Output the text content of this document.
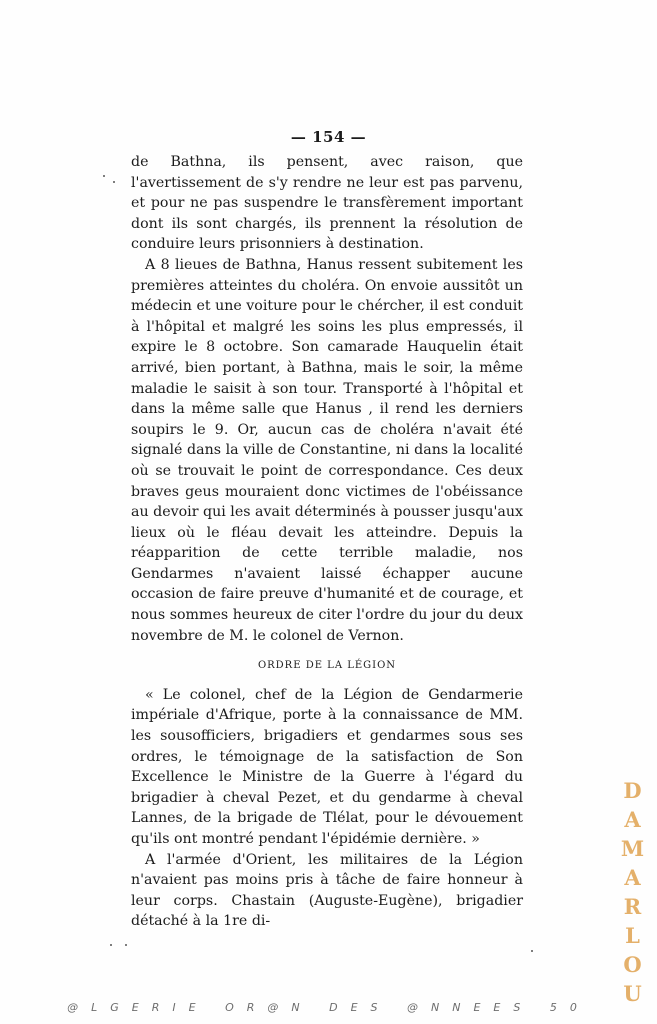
— 154 —

de Bathna, ils pensent, avec raison, que l'avertissement de s'y rendre ne leur est pas parvenu, et pour ne pas suspendre le transfèrement important dont ils sont chargés, ils prennent la résolution de conduire leurs prisonniers à destination.

A 8 lieues de Bathna, Hanus ressent subitement les premières atteintes du choléra. On envoie aussitôt un médecin et une voiture pour le chércher, il est conduit à l'hôpital et malgré les soins les plus empressés, il expire le 8 octobre. Son camarade Hauquelin était arrivé, bien portant, à Bathna, mais le soir, la même maladie le saisit à son tour. Transporté à l'hôpital et dans la même salle que Hanus , il rend les derniers soupirs le 9. Or, aucun cas de choléra n'avait été signalé dans la ville de Constantine, ni dans la localité où se trouvait le point de correspondance. Ces deux braves geus mouraient donc victimes de l'obéissance au devoir qui les avait déterminés à pousser jusqu'aux lieux où le fléau devait les atteindre. Depuis la réapparition de cette terrible maladie, nos Gendarmes n'avaient laissé échapper aucune occasion de faire preuve d'humanité et de courage, et nous sommes heureux de citer l'ordre du jour du deux novembre de M. le colonel de Vernon.

ORDRE DE LA LÉGION

« Le colonel, chef de la Légion de Gendarmerie impériale d'Afrique, porte à la connaissance de MM. les sousofficiers, brigadiers et gendarmes sous ses ordres, le témoignage de la satisfaction de Son Excellence le Ministre de la Guerre à l'égard du brigadier à cheval Pezet, et du gendarme à cheval Lannes, de la brigade de Tlélat, pour le dévouement qu'ils ont montré pendant l'épidémie dernière. »

A l'armée d'Orient, les militaires de la Légion n'avaient pas moins pris à tâche de faire honneur à leur corps. Chastain (Auguste-Eugène), brigadier détaché à la 1re di-	DAMARLOU
@LGERIE OR@N DES @NNEES 50
